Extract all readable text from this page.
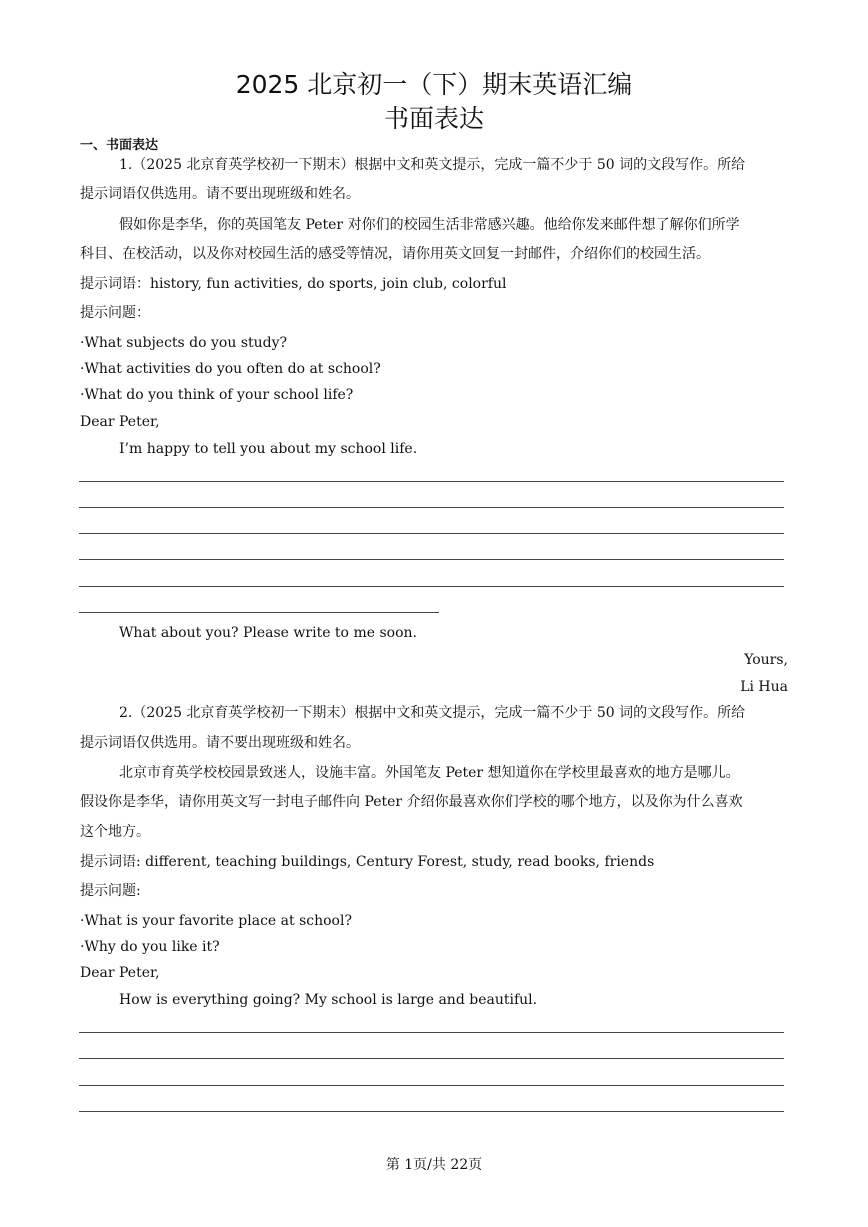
2025 北京初一（下）期末英语汇编
书面表达
一、书面表达
1.（2025 北京育英学校初一下期末）根据中文和英文提示，完成一篇不少于 50 词的文段写作。所给
提示词语仅供选用。请不要出现班级和姓名。
假如你是李华，你的英国笔友 Peter 对你们的校园生活非常感兴趣。他给你发来邮件想了解你们所学
科目、在校活动，以及你对校园生活的感受等情况，请你用英文回复一封邮件，介绍你们的校园生活。
提示词语：history, fun activities, do sports, join club, colorful
提示问题：
·What subjects do you study?
·What activities do you often do at school?
·What do you think of your school life?
Dear Peter,
I’m happy to tell you about my school life.
What about you? Please write to me soon.
Yours,
Li Hua
2.（2025 北京育英学校初一下期末）根据中文和英文提示，完成一篇不少于 50 词的文段写作。所给
提示词语仅供选用。请不要出现班级和姓名。
北京市育英学校校园景致迷人，设施丰富。外国笔友 Peter 想知道你在学校里最喜欢的地方是哪儿。
假设你是李华，请你用英文写一封电子邮件向 Peter 介绍你最喜欢你们学校的哪个地方，以及你为什么喜欢
这个地方。
提示词语: different, teaching buildings, Century Forest, study, read books, friends
提示问题:
·What is your favorite place at school?
·Why do you like it?
Dear Peter,
How is everything going? My school is large and beautiful.
第 1页/共 22页
